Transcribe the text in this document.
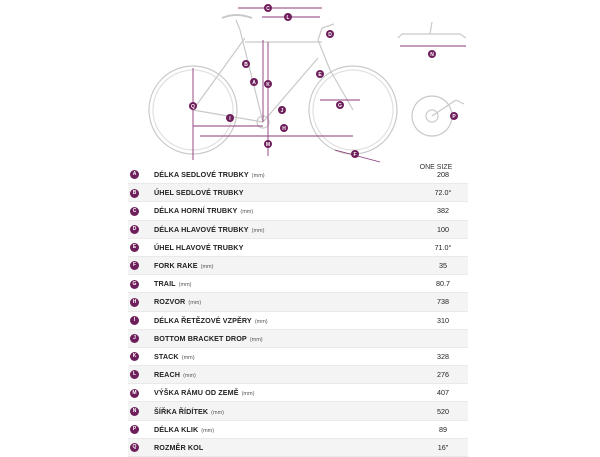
C
L
D
B
A K
E
Q
J
I
H
M
G
F
N
P
ONE SIZE
A	DÉLKA SEDLOVÉ TRUBKY (mm)	208
B	ÚHEL SEDLOVÉ TRUBKY	72.0°
C	DÉLKA HORNÍ TRUBKY (mm)	382
D	DÉLKA HLAVOVÉ TRUBKY (mm)	100
E	ÚHEL HLAVOVÉ TRUBKY	71.0°
F	FORK RAKE (mm)	35
G	TRAIL (mm)	80.7
H	ROZVOR (mm)	738
I	DÉLKA ŘETĚZOVÉ VZPĚRY (mm)	310
J	BOTTOM BRACKET DROP (mm)	
K	STACK (mm)	328
L	REACH (mm)	276
M	VÝŠKA RÁMU OD ZEMĚ (mm)	407
N	ŠÍŘKA ŘÍDÍTEK (mm)	520
P	DÉLKA KLIK (mm)	89
Q	ROZMĚR KOL	16"
